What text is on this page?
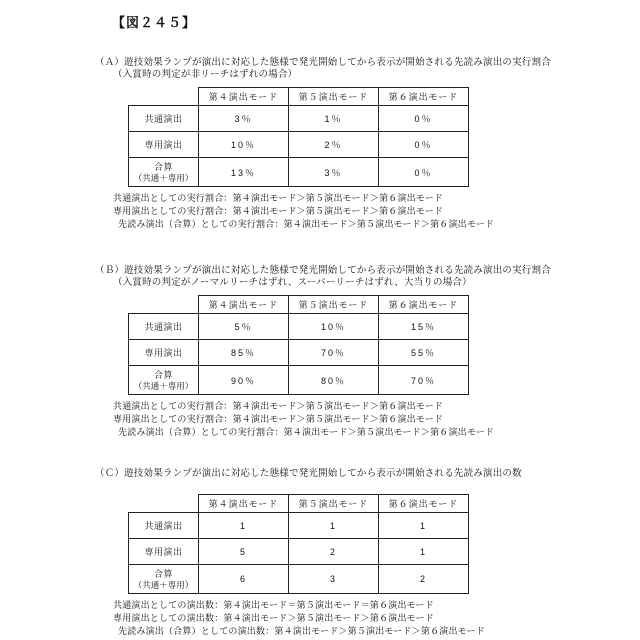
【図２４５】
（Ａ）遊技効果ランプが演出に対応した態様で発光開始してから表示が開始される先読み演出の実行割合
（入賞時の判定が非リーチはずれの場合）
	第４演出モード	第５演出モード	第６演出モード
共通演出	3％	1％	0％
専用演出	10％	2％	0％

合算
（共通＋専用）	13％	3％	0％
共通演出としての実行割合：第４演出モード＞第５演出モード＞第６演出モード
専用演出としての実行割合：第４演出モード＞第５演出モード＞第６演出モード
先読み演出（合算）としての実行割合：第４演出モード＞第５演出モード＞第６演出モード
（Ｂ）遊技効果ランプが演出に対応した態様で発光開始してから表示が開始される先読み演出の実行割合
（入賞時の判定がノーマルリーチはずれ、スーパーリーチはずれ、大当りの場合）
	第４演出モード	第５演出モード	第６演出モード
共通演出	5％	10％	15％
専用演出	85％	70％	55％

合算
（共通＋専用）	90％	80％	70％
共通演出としての実行割合：第４演出モード＞第５演出モード＞第６演出モード
専用演出としての実行割合：第４演出モード＞第５演出モード＞第６演出モード
先読み演出（合算）としての実行割合：第４演出モード＞第５演出モード＞第６演出モード
（Ｃ）遊技効果ランプが演出に対応した態様で発光開始してから表示が開始される先読み演出の数
	第４演出モード	第５演出モード	第６演出モード
共通演出	1	1	1
専用演出	5	2	1

合算
（共通＋専用）	6	3	2
共通演出としての演出数：第４演出モード＝第５演出モード＝第６演出モード
専用演出としての演出数：第４演出モード＞第５演出モード＞第６演出モード
先読み演出（合算）としての演出数：第４演出モード＞第５演出モード＞第６演出モード
